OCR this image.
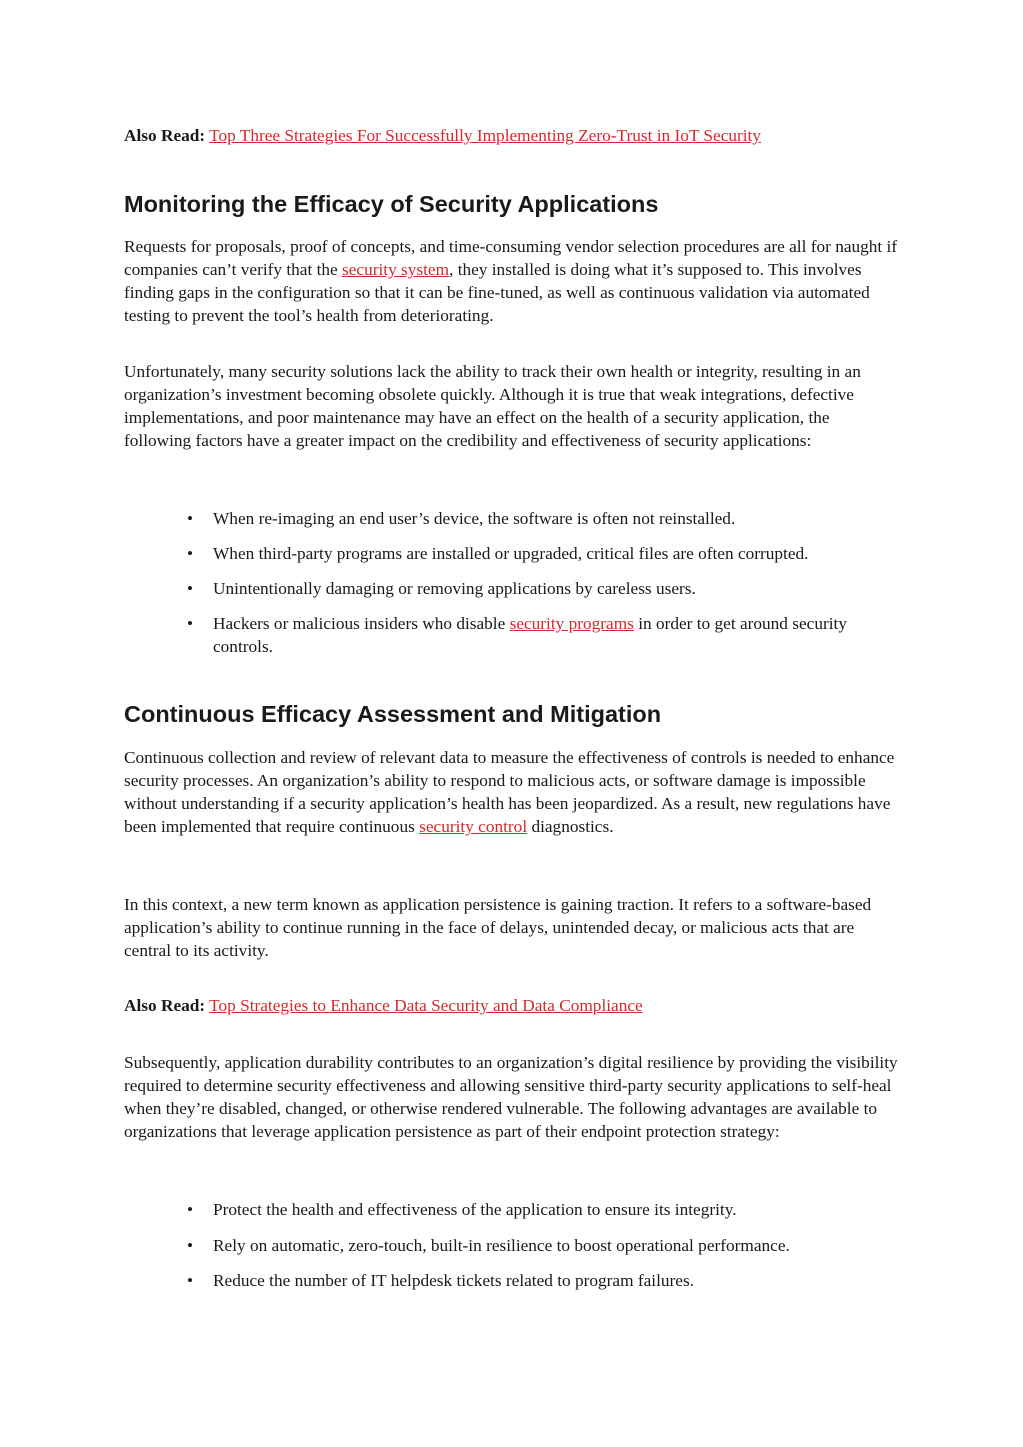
Also Read: Top Three Strategies For Successfully Implementing Zero-Trust in IoT Security

Monitoring the Efficacy of Security Applications

Requests for proposals, proof of concepts, and time-consuming vendor selection procedures are all for naught if companies can’t verify that the security system, they installed is doing what it’s supposed to. This involves finding gaps in the configuration so that it can be fine-tuned, as well as continuous validation via automated testing to prevent the tool’s health from deteriorating.

Unfortunately, many security solutions lack the ability to track their own health or integrity, resulting in an organization’s investment becoming obsolete quickly. Although it is true that weak integrations, defective implementations, and poor maintenance may have an effect on the health of a security application, the following factors have a greater impact on the credibility and effectiveness of security applications:

• When re-imaging an end user’s device, the software is often not reinstalled.
• When third-party programs are installed or upgraded, critical files are often corrupted.
• Unintentionally damaging or removing applications by careless users.
• Hackers or malicious insiders who disable security programs in order to get around security controls.
Continuous Efficacy Assessment and Mitigation

Continuous collection and review of relevant data to measure the effectiveness of controls is needed to enhance security processes. An organization’s ability to respond to malicious acts, or software damage is impossible without understanding if a security application’s health has been jeopardized. As a result, new regulations have been implemented that require continuous security control diagnostics.

In this context, a new term known as application persistence is gaining traction. It refers to a software-based application’s ability to continue running in the face of delays, unintended decay, or malicious acts that are central to its activity.

Also Read: Top Strategies to Enhance Data Security and Data Compliance

Subsequently, application durability contributes to an organization’s digital resilience by providing the visibility required to determine security effectiveness and allowing sensitive third-party security applications to self-heal when they’re disabled, changed, or otherwise rendered vulnerable. The following advantages are available to organizations that leverage application persistence as part of their endpoint protection strategy:

• Protect the health and effectiveness of the application to ensure its integrity.
• Rely on automatic, zero-touch, built-in resilience to boost operational performance.
• Reduce the number of IT helpdesk tickets related to program failures.
